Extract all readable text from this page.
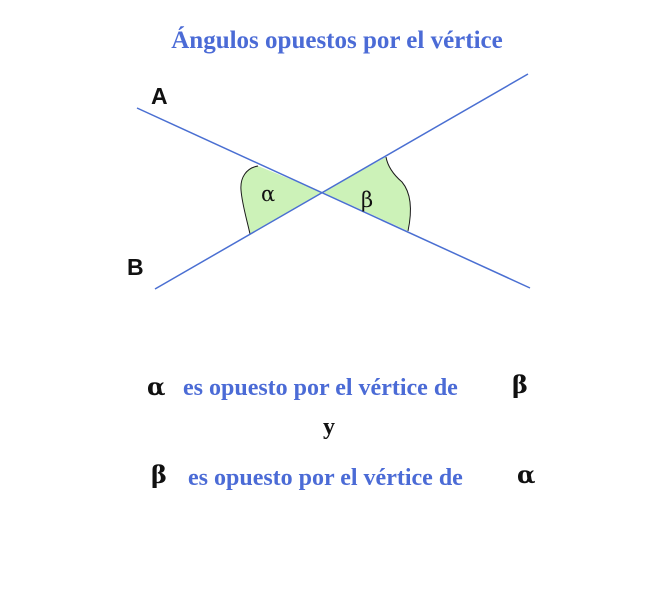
Ángulos opuestos por el vértice
A
B
α	β
α es opuesto por el vértice de β
y
β es opuesto por el vértice de α
